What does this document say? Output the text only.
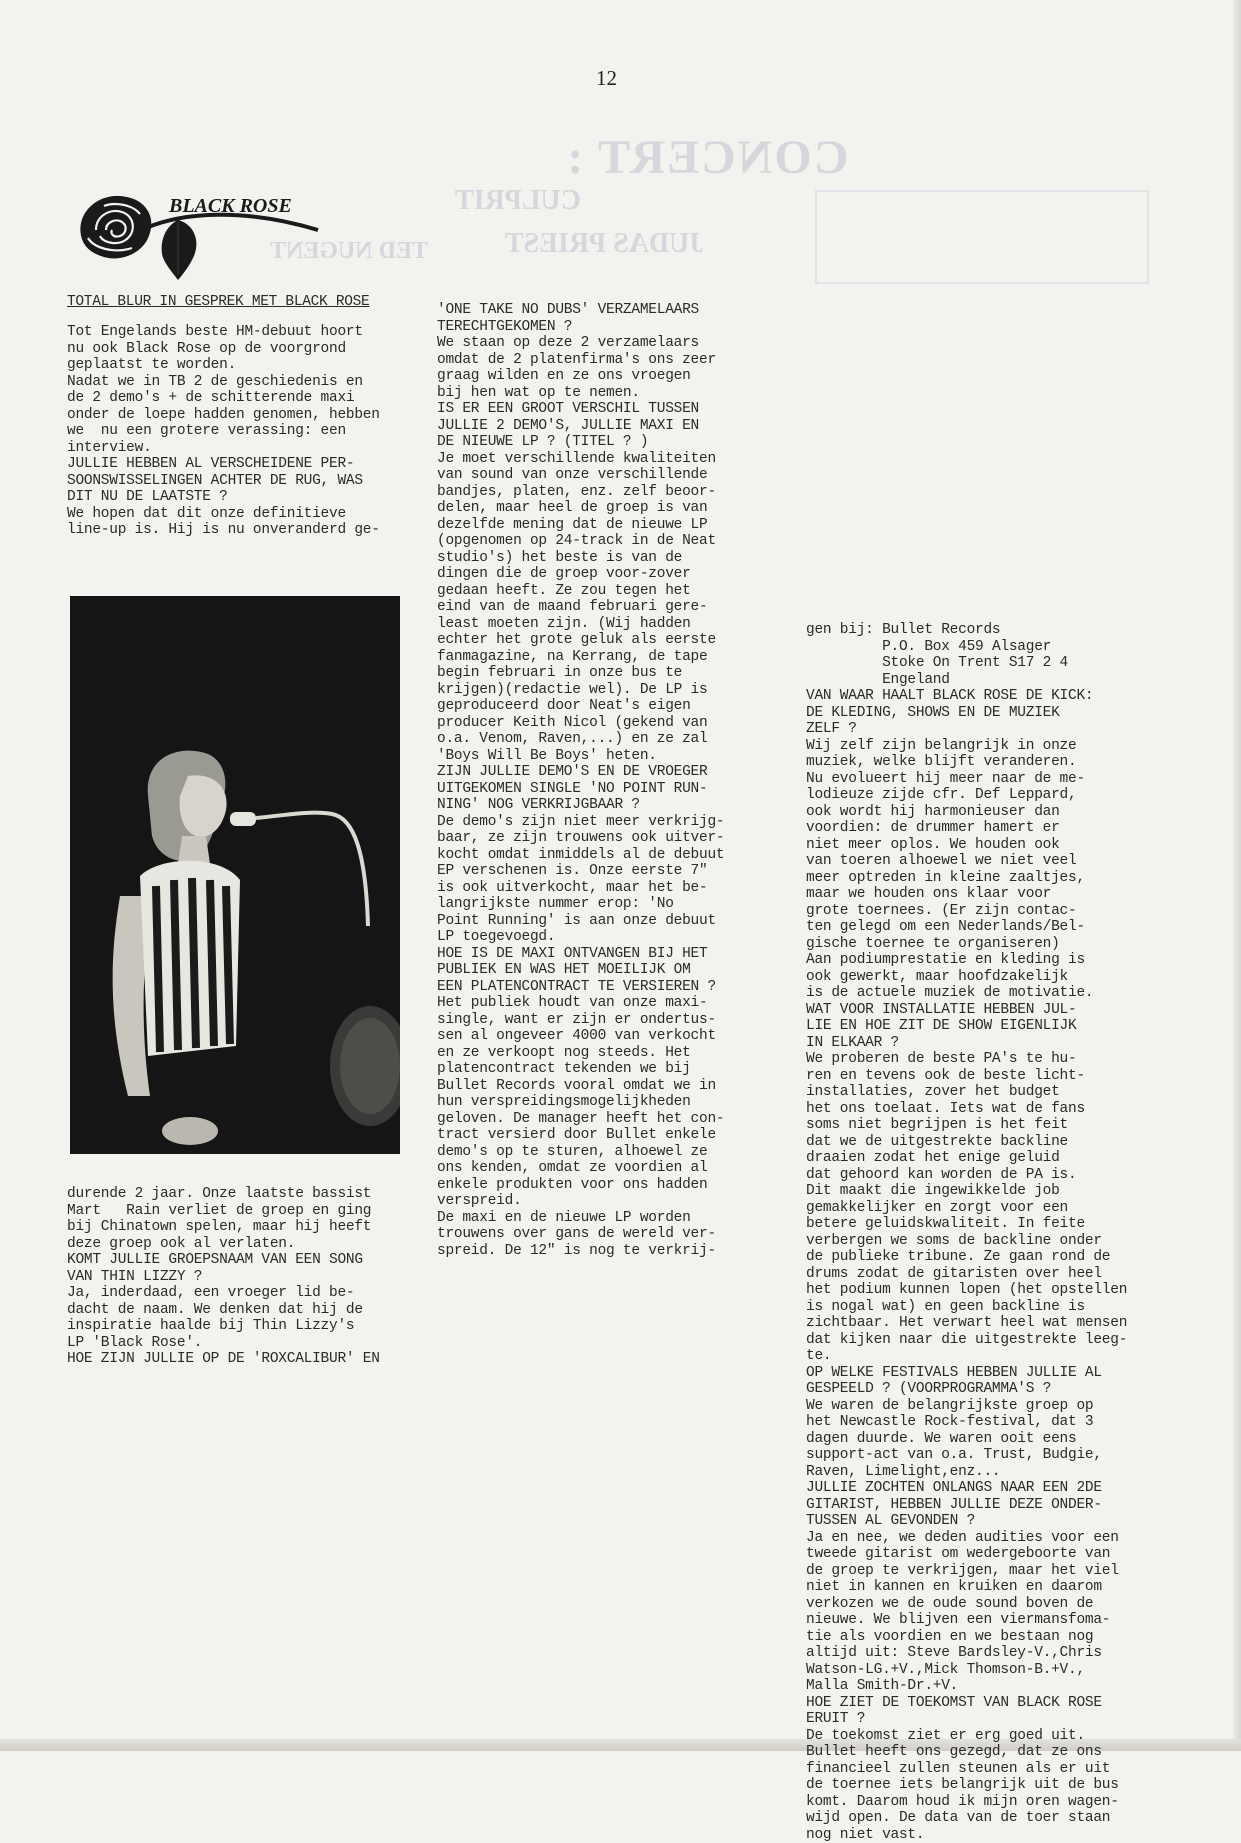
CONCERT :
CULPRIT
JUDAS PRIEST
TED NUGENT
12
BLACK ROSE
TOTAL BLUR IN GESPREK MET BLACK ROSE
Tot Engelands beste HM-debuut hoort
nu ook Black Rose op de voorgrond
geplaatst te worden.
Nadat we in TB 2 de geschiedenis en
de 2 demo's + de schitterende maxi
onder de loepe hadden genomen, hebben
we  nu een grotere verassing: een
interview.
JULLIE HEBBEN AL VERSCHEIDENE PER-
SOONSWISSELINGEN ACHTER DE RUG, WAS
DIT NU DE LAATSTE ?
We hopen dat dit onze definitieve
line-up is. Hij is nu onveranderd ge-
durende 2 jaar. Onze laatste bassist
Mart   Rain verliet de groep en ging
bij Chinatown spelen, maar hij heeft
deze groep ook al verlaten.
KOMT JULLIE GROEPSNAAM VAN EEN SONG
VAN THIN LIZZY ?
Ja, inderdaad, een vroeger lid be-
dacht de naam. We denken dat hij de
inspiratie haalde bij Thin Lizzy's
LP 'Black Rose'.
HOE ZIJN JULLIE OP DE 'ROXCALIBUR' EN
'ONE TAKE NO DUBS' VERZAMELAARS
TERECHTGEKOMEN ?
We staan op deze 2 verzamelaars
omdat de 2 platenfirma's ons zeer
graag wilden en ze ons vroegen
bij hen wat op te nemen.
IS ER EEN GROOT VERSCHIL TUSSEN
JULLIE 2 DEMO'S, JULLIE MAXI EN
DE NIEUWE LP ? (TITEL ? )
Je moet verschillende kwaliteiten
van sound van onze verschillende
bandjes, platen, enz. zelf beoor-
delen, maar heel de groep is van
dezelfde mening dat de nieuwe LP
(opgenomen op 24-track in de Neat
studio's) het beste is van de
dingen die de groep voor-zover
gedaan heeft. Ze zou tegen het
eind van de maand februari gere-
least moeten zijn. (Wij hadden
echter het grote geluk als eerste
fanmagazine, na Kerrang, de tape
begin februari in onze bus te
krijgen)(redactie wel). De LP is
geproduceerd door Neat's eigen
producer Keith Nicol (gekend van
o.a. Venom, Raven,...) en ze zal
'Boys Will Be Boys' heten.
ZIJN JULLIE DEMO'S EN DE VROEGER
UITGEKOMEN SINGLE 'NO POINT RUN-
NING' NOG VERKRIJGBAAR ?
De demo's zijn niet meer verkrijg-
baar, ze zijn trouwens ook uitver-
kocht omdat inmiddels al de debuut
EP verschenen is. Onze eerste 7"
is ook uitverkocht, maar het be-
langrijkste nummer erop: 'No
Point Running' is aan onze debuut
LP toegevoegd.
HOE IS DE MAXI ONTVANGEN BIJ HET
PUBLIEK EN WAS HET MOEILIJK OM
EEN PLATENCONTRACT TE VERSIEREN ?
Het publiek houdt van onze maxi-
single, want er zijn er ondertus-
sen al ongeveer 4000 van verkocht
en ze verkoopt nog steeds. Het
platencontract tekenden we bij
Bullet Records vooral omdat we in
hun verspreidingsmogelijkheden
geloven. De manager heeft het con-
tract versierd door Bullet enkele
demo's op te sturen, alhoewel ze
ons kenden, omdat ze voordien al
enkele produkten voor ons hadden
verspreid.
De maxi en de nieuwe LP worden
trouwens over gans de wereld ver-
spreid. De 12" is nog te verkrij-
gen bij: Bullet Records
P.O. Box 459 Alsager
Stoke On Trent S17 2 4
Engeland
VAN WAAR HAALT BLACK ROSE DE KICK:
DE KLEDING, SHOWS EN DE MUZIEK
ZELF ?
Wij zelf zijn belangrijk in onze
muziek, welke blijft veranderen.
Nu evolueert hij meer naar de me-
lodieuze zijde cfr. Def Leppard,
ook wordt hij harmonieuser dan
voordien: de drummer hamert er
niet meer oplos. We houden ook
van toeren alhoewel we niet veel
meer optreden in kleine zaaltjes,
maar we houden ons klaar voor
grote toernees. (Er zijn contac-
ten gelegd om een Nederlands/Bel-
gische toernee te organiseren)
Aan podiumprestatie en kleding is
ook gewerkt, maar hoofdzakelijk
is de actuele muziek de motivatie.
WAT VOOR INSTALLATIE HEBBEN JUL-
LIE EN HOE ZIT DE SHOW EIGENLIJK
IN ELKAAR ?
We proberen de beste PA's te hu-
ren en tevens ook de beste licht-
installaties, zover het budget
het ons toelaat. Iets wat de fans
soms niet begrijpen is het feit
dat we de uitgestrekte backline
draaien zodat het enige geluid
dat gehoord kan worden de PA is.
Dit maakt die ingewikkelde job
gemakkelijker en zorgt voor een
betere geluidskwaliteit. In feite
verbergen we soms de backline onder
de publieke tribune. Ze gaan rond de
drums zodat de gitaristen over heel
het podium kunnen lopen (het opstellen
is nogal wat) en geen backline is
zichtbaar. Het verwart heel wat mensen
dat kijken naar die uitgestrekte leeg-
te.
OP WELKE FESTIVALS HEBBEN JULLIE AL
GESPEELD ? (VOORPROGRAMMA'S ?
We waren de belangrijkste groep op
het Newcastle Rock-festival, dat 3
dagen duurde. We waren ooit eens
support-act van o.a. Trust, Budgie,
Raven, Limelight,enz...
JULLIE ZOCHTEN ONLANGS NAAR EEN 2DE
GITARIST, HEBBEN JULLIE DEZE ONDER-
TUSSEN AL GEVONDEN ?
Ja en nee, we deden audities voor een
tweede gitarist om wedergeboorte van
de groep te verkrijgen, maar het viel
niet in kannen en kruiken en daarom
verkozen we de oude sound boven de
nieuwe. We blijven een viermansfoma-
tie als voordien en we bestaan nog
altijd uit: Steve Bardsley-V.,Chris
Watson-LG.+V.,Mick Thomson-B.+V.,
Malla Smith-Dr.+V.
HOE ZIET DE TOEKOMST VAN BLACK ROSE
ERUIT ?
De toekomst ziet er erg goed uit.
Bullet heeft ons gezegd, dat ze ons
financieel zullen steunen als er uit
de toernee iets belangrijk uit de bus
komt. Daarom houd ik mijn oren wagen-
wijd open. De data van de toer staan
nog niet vast.
